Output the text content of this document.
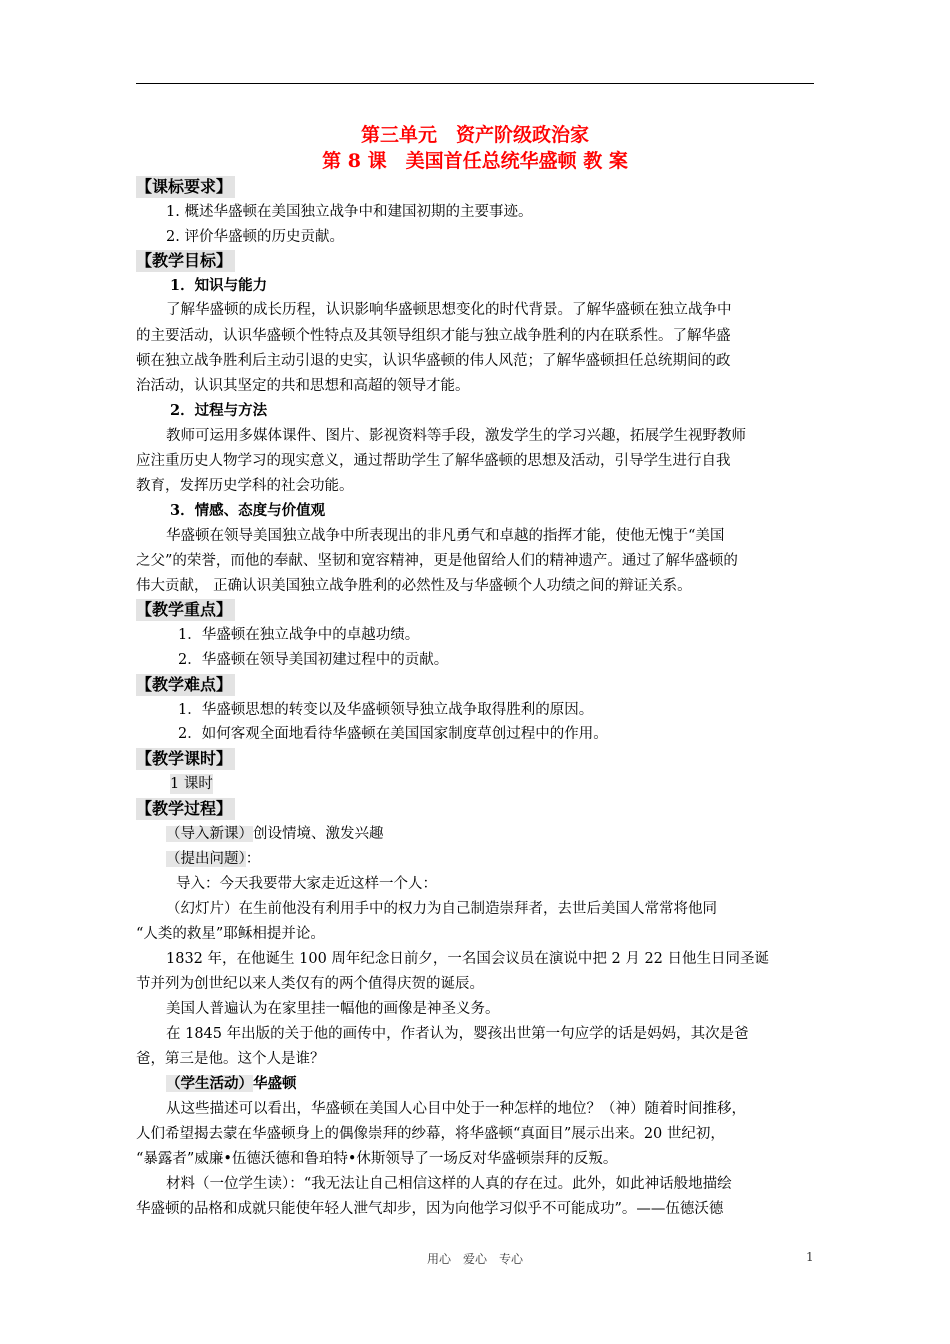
第三单元　资产阶级政治家
第 8 课　美国首任总统华盛顿 教 案
【课标要求】
1. 概述华盛顿在美国独立战争中和建国初期的主要事迹。
2. 评价华盛顿的历史贡献。
【教学目标】
1．知识与能力
了解华盛顿的成长历程，认识影响华盛顿思想变化的时代背景。了解华盛顿在独立战争中
的主要活动，认识华盛顿个性特点及其领导组织才能与独立战争胜利的内在联系性。了解华盛
顿在独立战争胜利后主动引退的史实，认识华盛顿的伟人风范；了解华盛顿担任总统期间的政
治活动，认识其坚定的共和思想和高超的领导才能。
2．过程与方法
教师可运用多媒体课件、图片、影视资料等手段，激发学生的学习兴趣，拓展学生视野教师
应注重历史人物学习的现实意义，通过帮助学生了解华盛顿的思想及活动，引导学生进行自我
教育，发挥历史学科的社会功能。
3．情感、态度与价值观
华盛顿在领导美国独立战争中所表现出的非凡勇气和卓越的指挥才能，使他无愧于“美国
之父”的荣誉，而他的奉献、坚韧和宽容精神，更是他留给人们的精神遗产。通过了解华盛顿的
伟大贡献， 正确认识美国独立战争胜利的必然性及与华盛顿个人功绩之间的辩证关系。
【教学重点】
1．华盛顿在独立战争中的卓越功绩。
2．华盛顿在领导美国初建过程中的贡献。
【教学难点】
1．华盛顿思想的转变以及华盛顿领导独立战争取得胜利的原因。
2．如何客观全面地看待华盛顿在美国国家制度草创过程中的作用。
【教学课时】
1 课时
【教学过程】
（导入新课）创设情境、激发兴趣
（提出问题）：
导入：今天我要带大家走近这样一个人：
（幻灯片）在生前他没有利用手中的权力为自己制造崇拜者，去世后美国人常常将他同
“人类的救星”耶稣相提并论。
1832 年，在他诞生 100 周年纪念日前夕，一名国会议员在演说中把 2 月 22 日他生日同圣诞
节并列为创世纪以来人类仅有的两个值得庆贺的诞辰。
美国人普遍认为在家里挂一幅他的画像是神圣义务。
在 1845 年出版的关于他的画传中，作者认为，婴孩出世第一句应学的话是妈妈，其次是爸
爸，第三是他。这个人是谁？
（学生活动）华盛顿
从这些描述可以看出，华盛顿在美国人心目中处于一种怎样的地位？（神）随着时间推移，
人们希望揭去蒙在华盛顿身上的偶像崇拜的纱幕，将华盛顿“真面目”展示出来。20 世纪初，
“暴露者”威廉•伍德沃德和鲁珀特•休斯领导了一场反对华盛顿崇拜的反叛。
材料（一位学生读）：“我无法让自己相信这样的人真的存在过。此外，如此神话般地描绘
华盛顿的品格和成就只能使年轻人泄气却步，因为向他学习似乎不可能成功”。——伍德沃德
用心　爱心　专心	1
